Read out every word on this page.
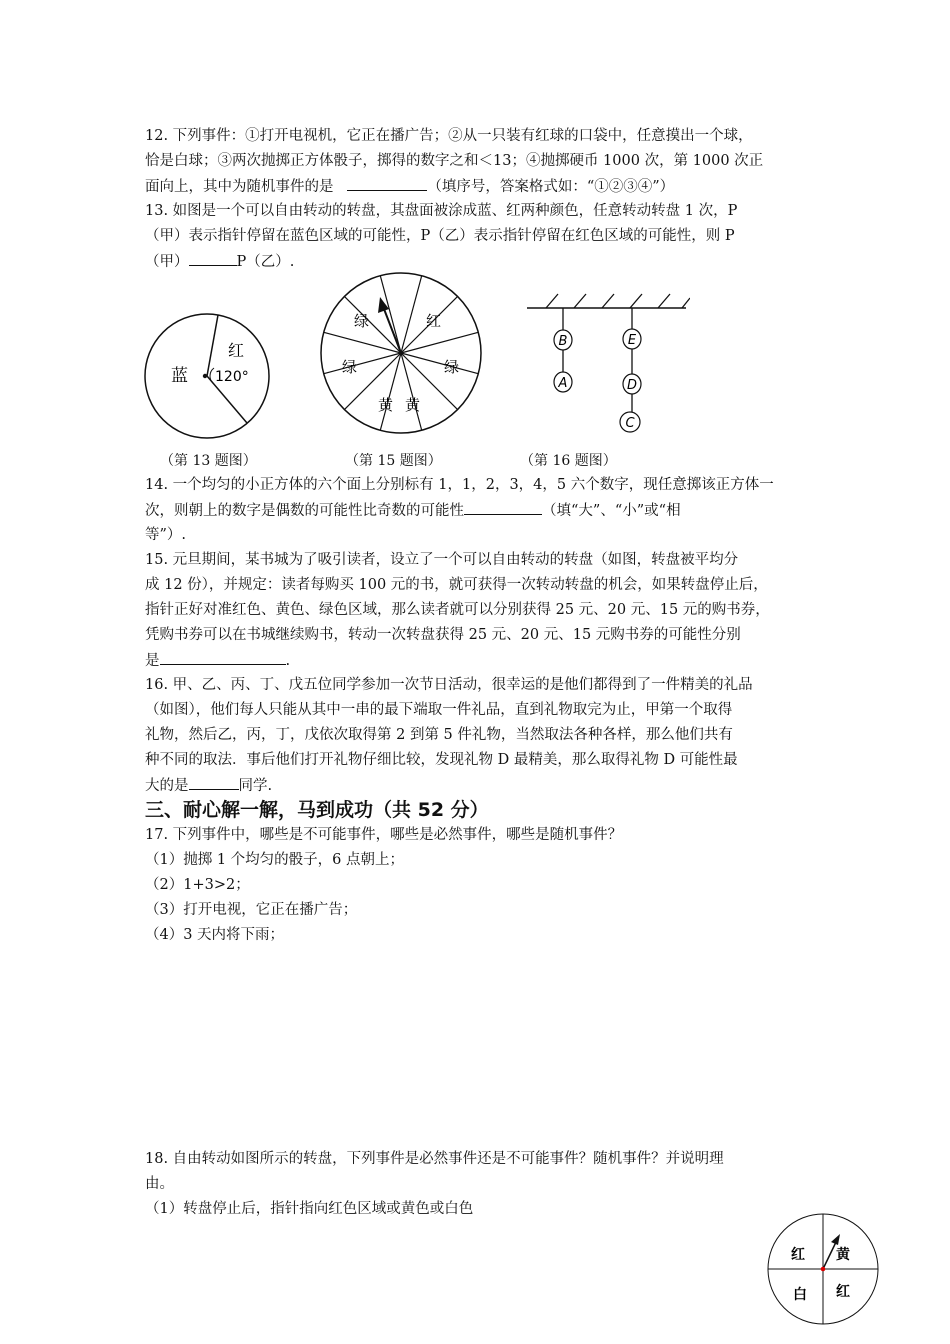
12. 下列事件：①打开电视机，它正在播广告；②从一只装有红球的口袋中，任意摸出一个球，
恰是白球；③两次抛掷正方体骰子，掷得的数字之和＜13；④抛掷硬币 1000 次，第 1000 次正
面向上，其中为随机事件的是	（填序号，答案格式如：“①②③④”）
13. 如图是一个可以自由转动的转盘，其盘面被涂成蓝、红两种颜色，任意转动转盘 1 次，P
（甲）表示指针停留在蓝色区域的可能性，P（乙）表示指针停留在红色区域的可能性，则 P
（甲）	P（乙）.
蓝
红
120°
绿	红
绿	绿
黄 黄
B
A
E
D
C
（第 13 题图）	（第 15 题图）	（第 16 题图）
14. 一个均匀的小正方体的六个面上分别标有 1，1，2，3，4，5 六个数字，现任意掷该正方体一
次，则朝上的数字是偶数的可能性比奇数的可能性	（填“大”、“小”或“相
等”）.
15. 元旦期间，某书城为了吸引读者，设立了一个可以自由转动的转盘（如图，转盘被平均分
成 12 份），并规定：读者每购买 100 元的书，就可获得一次转动转盘的机会，如果转盘停止后，
指针正好对准红色、黄色、绿色区域，那么读者就可以分别获得 25 元、20 元、15 元的购书券，
凭购书券可以在书城继续购书，转动一次转盘获得 25 元、20 元、15 元购书券的可能性分别
是	.
16. 甲、乙、丙、丁、戊五位同学参加一次节日活动，很幸运的是他们都得到了一件精美的礼品
（如图），他们每人只能从其中一串的最下端取一件礼品，直到礼物取完为止，甲第一个取得
礼物，然后乙，丙，丁，戊依次取得第 2 到第 5 件礼物，当然取法各种各样，那么他们共有
种不同的取法．事后他们打开礼物仔细比较，发现礼物 D 最精美，那么取得礼物 D 可能性最
大的是	同学.
三、耐心解一解，马到成功（共 52 分）
17. 下列事件中，哪些是不可能事件，哪些是必然事件，哪些是随机事件？
（1）抛掷 1 个均匀的骰子，6 点朝上；
（2）1+3>2；
（3）打开电视，它正在播广告；
（4）3 天内将下雨；
18. 自由转动如图所示的转盘，下列事件是必然事件还是不可能事件？随机事件？并说明理
由。
（1）转盘停止后，指针指向红色区域或黄色或白色
红 黄
白 红
